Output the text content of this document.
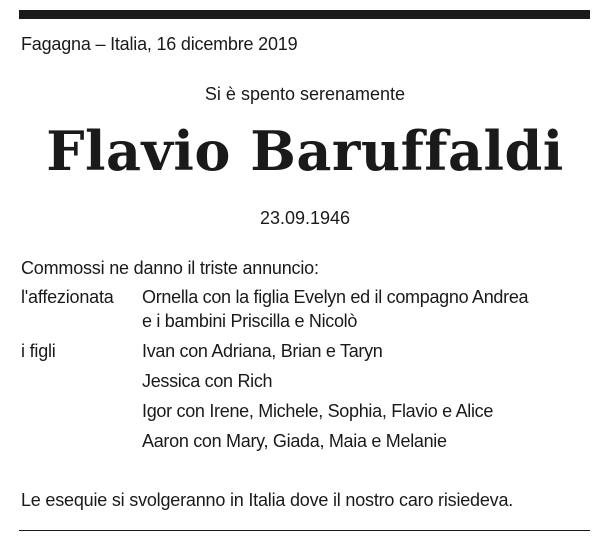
Fagagna – Italia, 16 dicembre 2019
Si è spento serenamente
Flavio Baruffaldi
23.09.1946
Commossi ne danno il triste annuncio:
l'affezionata Ornella con la figlia Evelyn ed il compagno Andrea
e i bambini Priscilla e Nicolò
i figli	Ivan con Adriana, Brian e Taryn
Jessica con Rich
Igor con Irene, Michele, Sophia, Flavio e Alice
Aaron con Mary, Giada, Maia e Melanie
Le esequie si svolgeranno in Italia dove il nostro caro risiedeva.
